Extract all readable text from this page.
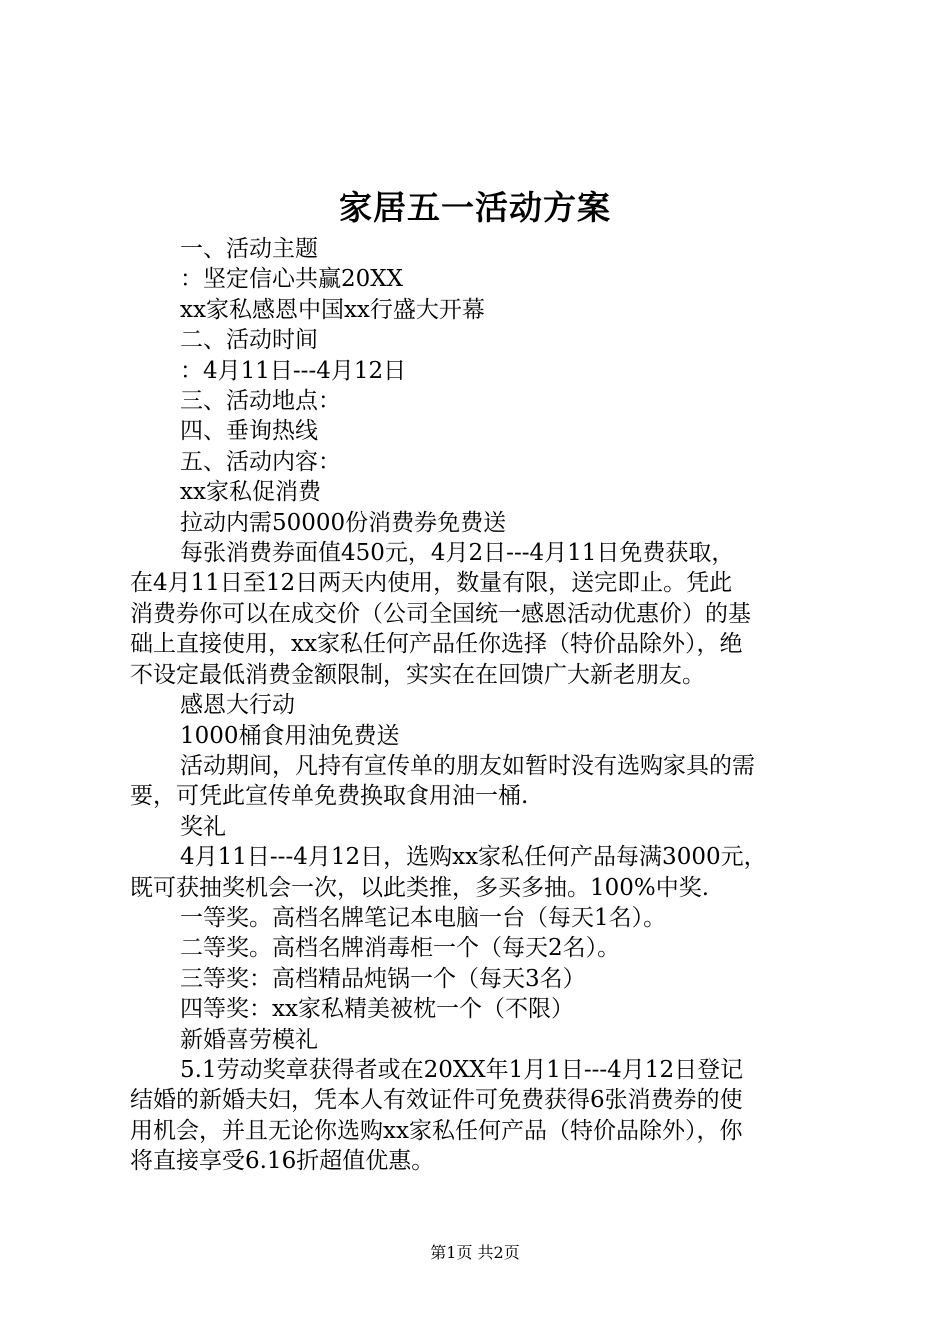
家居五一活动方案
一、活动主题
：坚定信心共赢20XX
xx家私感恩中国xx行盛大开幕
二、活动时间
：4月11日---4月12日
三、活动地点：
四、垂询热线
五、活动内容：
xx家私促消费
拉动内需50000份消费券免费送
每张消费券面值450元，4月2日---4月11日免费获取，
在4月11日至12日两天内使用，数量有限，送完即止。凭此
消费券你可以在成交价（公司全国统一感恩活动优惠价）的基
础上直接使用，xx家私任何产品任你选择（特价品除外），绝
不设定最低消费金额限制，实实在在回馈广大新老朋友。
感恩大行动
1000桶食用油免费送
活动期间，凡持有宣传单的朋友如暂时没有选购家具的需
要，可凭此宣传单免费换取食用油一桶.
奖礼
4月11日---4月12日，选购xx家私任何产品每满3000元，
既可获抽奖机会一次，以此类推，多买多抽。100%中奖.
一等奖。高档名牌笔记本电脑一台（每天1名）。
二等奖。高档名牌消毒柜一个（每天2名）。
三等奖：高档精品炖锅一个（每天3名）
四等奖：xx家私精美被枕一个（不限）
新婚喜劳模礼
5.1劳动奖章获得者或在20XX年1月1日---4月12日登记
结婚的新婚夫妇，凭本人有效证件可免费获得6张消费券的使
用机会，并且无论你选购xx家私任何产品（特价品除外），你
将直接享受6.16折超值优惠。
第1页 共2页
